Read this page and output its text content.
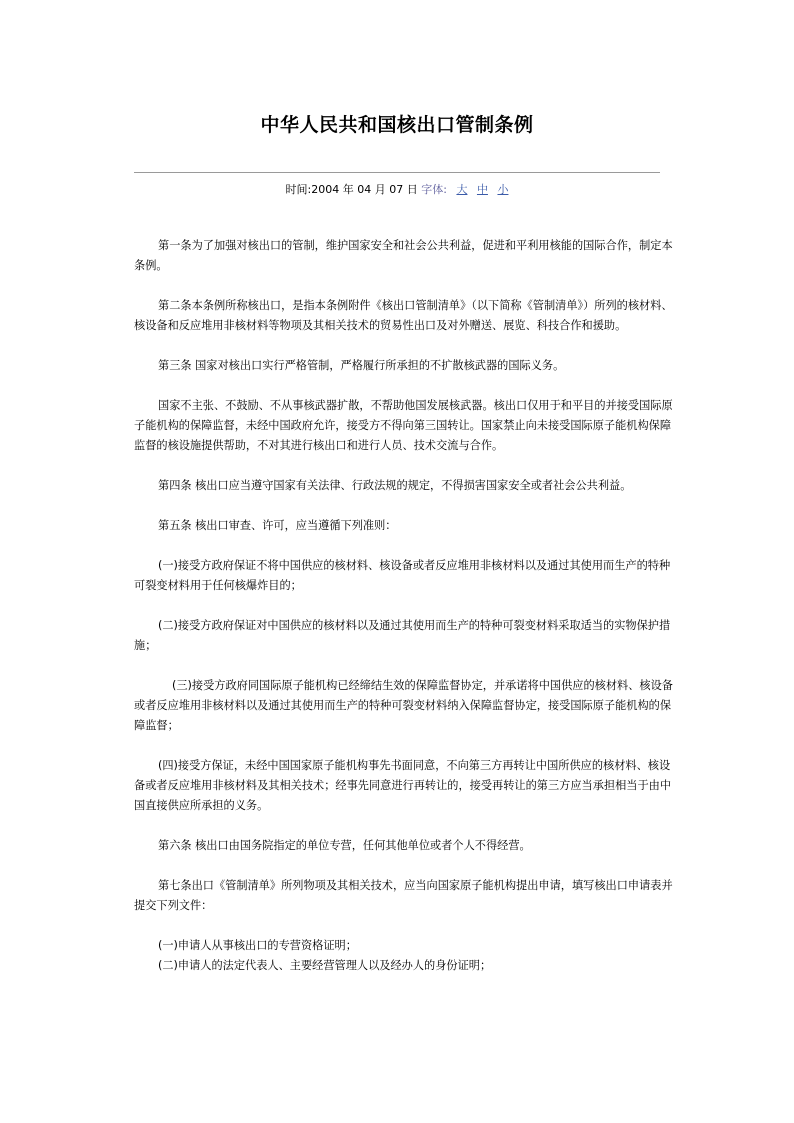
中华人民共和国核出口管制条例
时间:2004 年 04 月 07 日 字体: 大 中 小

第一条为了加强对核出口的管制，维护国家安全和社会公共利益，促进和平利用核能的国际合作，制定本条例。

第二条本条例所称核出口，是指本条例附件《核出口管制清单》（以下简称《管制清单》）所列的核材料、核设备和反应堆用非核材料等物项及其相关技术的贸易性出口及对外赠送、展览、科技合作和援助。

第三条 国家对核出口实行严格管制，严格履行所承担的不扩散核武器的国际义务。

国家不主张、不鼓励、不从事核武器扩散，不帮助他国发展核武器。核出口仅用于和平目的并接受国际原子能机构的保障监督，未经中国政府允许，接受方不得向第三国转让。国家禁止向未接受国际原子能机构保障监督的核设施提供帮助，不对其进行核出口和进行人员、技术交流与合作。

第四条 核出口应当遵守国家有关法律、行政法规的规定，不得损害国家安全或者社会公共利益。

第五条 核出口审查、许可，应当遵循下列准则：

(一)接受方政府保证不将中国供应的核材料、核设备或者反应堆用非核材料以及通过其使用而生产的特种可裂变材料用于任何核爆炸目的；

(二)接受方政府保证对中国供应的核材料以及通过其使用而生产的特种可裂变材料采取适当的实物保护措施；

(三)接受方政府同国际原子能机构已经缔结生效的保障监督协定，并承诺将中国供应的核材料、核设备或者反应堆用非核材料以及通过其使用而生产的特种可裂变材料纳入保障监督协定，接受国际原子能机构的保障监督；

(四)接受方保证，未经中国国家原子能机构事先书面同意，不向第三方再转让中国所供应的核材料、核设备或者反应堆用非核材料及其相关技术；经事先同意进行再转让的，接受再转让的第三方应当承担相当于由中国直接供应所承担的义务。

第六条 核出口由国务院指定的单位专营，任何其他单位或者个人不得经营。

第七条出口《管制清单》所列物项及其相关技术，应当向国家原子能机构提出申请，填写核出口申请表并提交下列文件：

(一)申请人从事核出口的专营资格证明；

(二)申请人的法定代表人、主要经营管理人以及经办人的身份证明；
